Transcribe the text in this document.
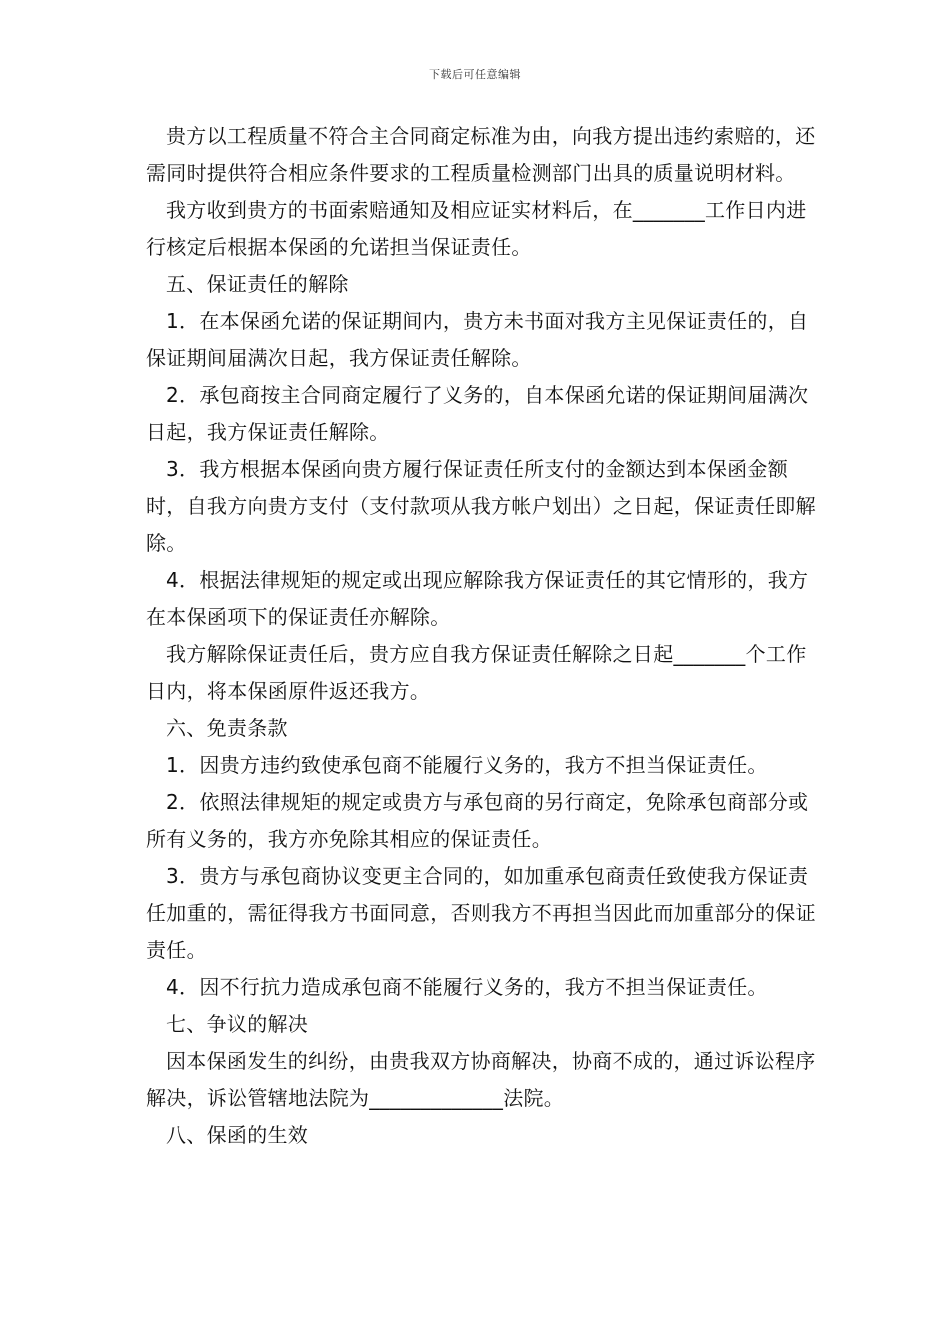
下载后可任意编辑

贵方以工程质量不符合主合同商定标准为由，向我方提出违约索赔的，还需同时提供符合相应条件要求的工程质量检测部门出具的质量说明材料。

我方收到贵方的书面索赔通知及相应证实材料后，在_______工作日内进行核定后根据本保函的允诺担当保证责任。

五、保证责任的解除

1．在本保函允诺的保证期间内，贵方未书面对我方主见保证责任的，自保证期间届满次日起，我方保证责任解除。

2．承包商按主合同商定履行了义务的，自本保函允诺的保证期间届满次日起，我方保证责任解除。

3．我方根据本保函向贵方履行保证责任所支付的金额达到本保函金额时，自我方向贵方支付（支付款项从我方帐户划出）之日起，保证责任即解除。

4．根据法律规矩的规定或出现应解除我方保证责任的其它情形的，我方在本保函项下的保证责任亦解除。

我方解除保证责任后，贵方应自我方保证责任解除之日起_______个工作日内，将本保函原件返还我方。

六、免责条款

1．因贵方违约致使承包商不能履行义务的，我方不担当保证责任。

2．依照法律规矩的规定或贵方与承包商的另行商定，免除承包商部分或所有义务的，我方亦免除其相应的保证责任。

3．贵方与承包商协议变更主合同的，如加重承包商责任致使我方保证责任加重的，需征得我方书面同意，否则我方不再担当因此而加重部分的保证责任。

4．因不行抗力造成承包商不能履行义务的，我方不担当保证责任。

七、争议的解决

因本保函发生的纠纷，由贵我双方协商解决，协商不成的，通过诉讼程序解决，诉讼管辖地法院为_____________法院。

八、保函的生效
